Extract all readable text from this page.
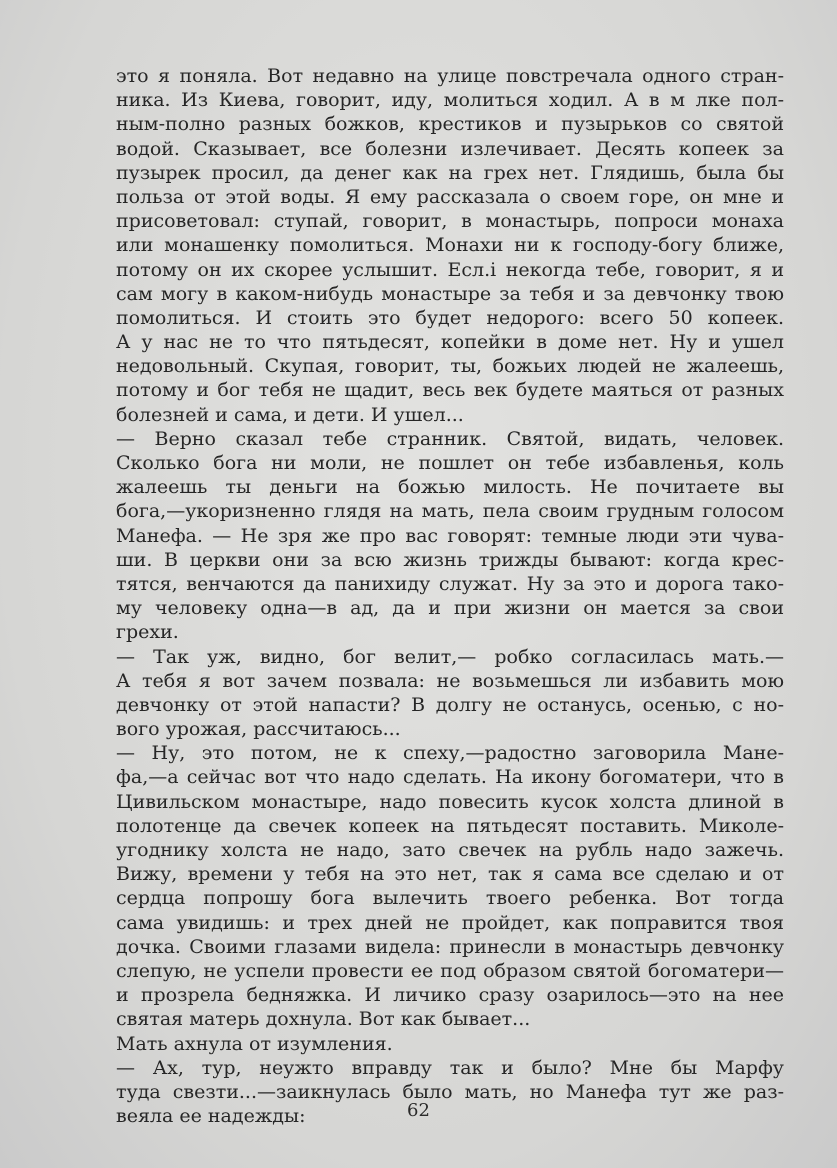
это я поняла. Вот недавно на улице повстречала одного стран-
ника. Из Киева, говорит, иду, молиться ходил. А в м лке пол-
ным-полно разных божков, крестиков и пузырьков со святой
водой. Сказывает, все болезни излечивает. Десять копеек за
пузырек просил, да денег как на грех нет. Глядишь, была бы
польза от этой воды. Я ему рассказала о своем горе, он мне и
присоветовал: ступай, говорит, в монастырь, попроси монаха
или монашенку помолиться. Монахи ни к господу-богу ближе,
потому он их скорее услышит. Есл.і некогда тебе, говорит, я и
сам могу в каком-нибудь монастыре за тебя и за девчонку твою
помолиться. И стоить это будет недорого: всего 50 копеек.
А у нас не то что пятьдесят, копейки в доме нет. Ну и ушел
недовольный. Скупая, говорит, ты, божьих людей не жалеешь,
потому и бог тебя не щадит, весь век будете маяться от разных
болезней и сама, и дети. И ушел...
— Верно сказал тебе странник. Святой, видать, человек.
Сколько бога ни моли, не пошлет он тебе избавленья, коль
жалеешь ты деньги на божью милость. Не почитаете вы
бога,—укоризненно глядя на мать, пела своим грудным голосом
Манефа. — Не зря же про вас говорят: темные люди эти чува-
ши. В церкви они за всю жизнь трижды бывают: когда крес-
тятся, венчаются да панихиду служат. Ну за это и дорога тако-
му человеку одна—в ад, да и при жизни он мается за свои
грехи.
— Так уж, видно, бог велит,— робко согласилась мать.—
А тебя я вот зачем позвала: не возьмешься ли избавить мою
девчонку от этой напасти? В долгу не останусь, осенью, с но-
вого урожая, рассчитаюсь...
— Ну, это потом, не к спеху,—радостно заговорила Мане-
фа,—а сейчас вот что надо сделать. На икону богоматери, что в
Цивильском монастыре, надо повесить кусок холста длиной в
полотенце да свечек копеек на пятьдесят поставить. Миколе-
угоднику холста не надо, зато свечек на рубль надо зажечь.
Вижу, времени у тебя на это нет, так я сама все сделаю и от
сердца попрошу бога вылечить твоего ребенка. Вот тогда
сама увидишь: и трех дней не пройдет, как поправится твоя
дочка. Своими глазами видела: принесли в монастырь девчонку
слепую, не успели провести ее под образом святой богоматери—
и прозрела бедняжка. И личико сразу озарилось—это на нее
святая матерь дохнула. Вот как бывает...
Мать ахнула от изумления.
— Ах, тур, неужто вправду так и было? Мне бы Марфу
туда свезти...—заикнулась было мать, но Манефа тут же раз-
веяла ее надежды:	62
